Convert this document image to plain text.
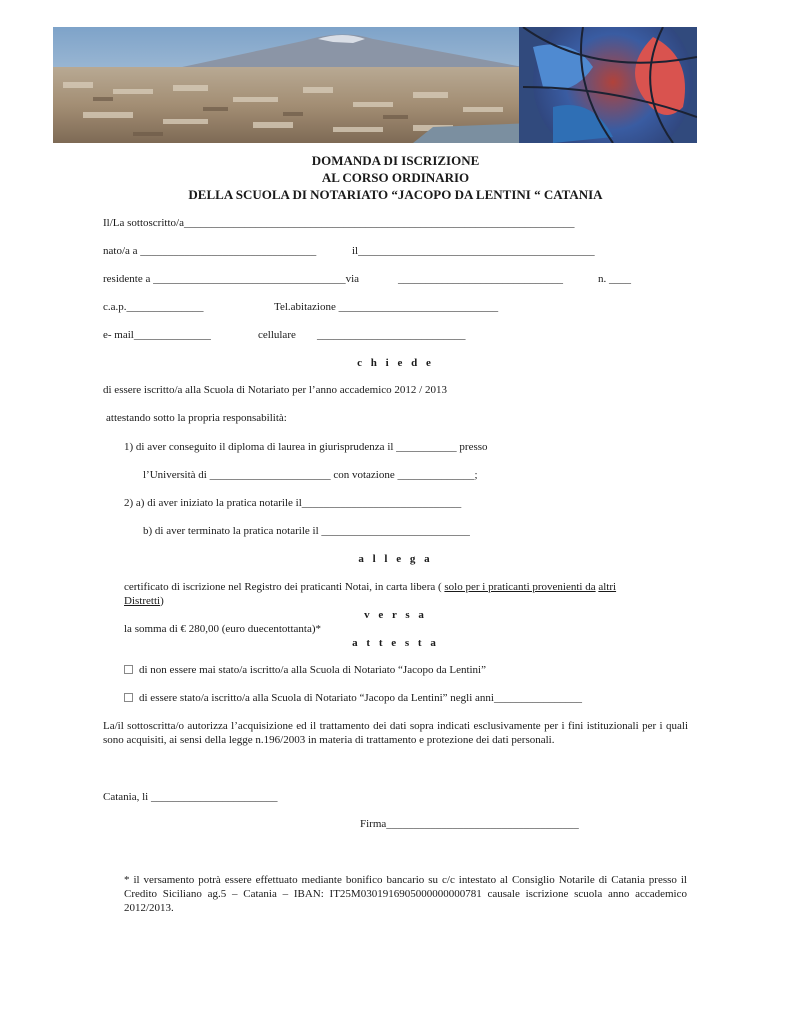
DOMANDA DI ISCRIZIONE
AL CORSO ORDINARIO
DELLA SCUOLA DI NOTARIATO “JACOPO DA LENTINI “ CATANIA
Il/La sottoscritto/a_______________________________________________________________________
nato/a a ________________________________	il___________________________________________
residente a ___________________________________via	______________________________	n. ____
c.a.p.______________	Tel.abitazione _____________________________
e- mail______________	cellulare ___________________________
c h i e d e
di essere iscritto/a alla Scuola di Notariato per l’anno accademico 2012 / 2013
attestando sotto la propria responsabilità:
1) di aver conseguito il diploma di laurea in giurisprudenza il ___________ presso
l’Università di ______________________ con votazione ______________;
2) a) di aver iniziato la pratica notarile il_____________________________
b) di aver terminato la pratica notarile il ___________________________
a l l e g a
certificato di iscrizione nel Registro dei praticanti Notai, in carta libera ( solo per i praticanti provenienti da altri
Distretti)
v e r s a
la somma di € 280,00 (euro duecentottanta)*
a t t e s t a
di non essere mai stato/a iscritto/a alla Scuola di Notariato “Jacopo da Lentini”
di essere stato/a iscritto/a alla Scuola di Notariato “Jacopo da Lentini” negli anni________________
La/il sottoscritta/o autorizza l’acquisizione ed il trattamento dei dati sopra indicati esclusivamente per i fini istituzionali per i quali sono acquisiti, ai sensi della legge n.196/2003 in materia di trattamento e protezione dei dati personali.
Catania, li _______________________
Firma___________________________________
* il versamento potrà essere effettuato mediante bonifico bancario su c/c intestato al Consiglio Notarile di Catania presso il Credito Siciliano ag.5 – Catania – IBAN: IT25M0301916905000000000781 causale iscrizione scuola anno accademico 2012/2013.
